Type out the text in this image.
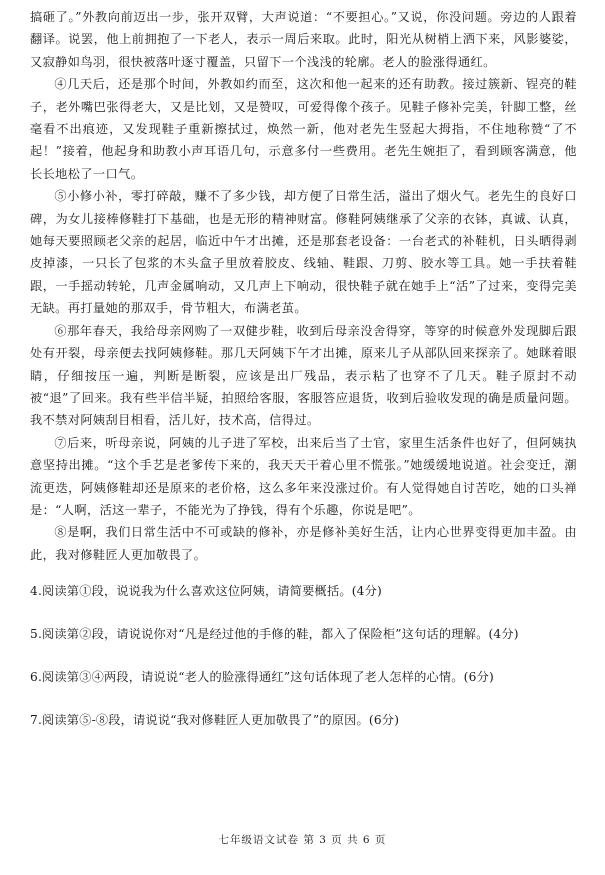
搞砸了。”外教向前迈出一步，张开双臂，大声说道：“不要担心。”又说，你没问题。旁边的人跟着翻译。说罢，他上前拥抱了一下老人，表示一周后来取。此时，阳光从树梢上洒下来，风影婆娑，又寂静如鸟羽，很快被落叶逐寸覆盖，只留下一个浅浅的轮廓。老人的脸涨得通红。

④几天后，还是那个时间，外教如约而至，这次和他一起来的还有助教。接过簇新、锃亮的鞋子，老外嘴巴张得老大，又是比划，又是赞叹，可爱得像个孩子。见鞋子修补完美，针脚工整，丝毫看不出痕迹，又发现鞋子重新擦拭过，焕然一新，他对老先生竖起大拇指，不住地称赞“了不起！”接着，他起身和助教小声耳语几句，示意多付一些费用。老先生婉拒了，看到顾客满意，他长长地松了一口气。

⑤小修小补，零打碎敲，赚不了多少钱，却方便了日常生活，溢出了烟火气。老先生的良好口碑，为女儿接棒修鞋打下基础，也是无形的精神财富。修鞋阿姨继承了父亲的衣钵，真诚、认真，她每天要照顾老父亲的起居，临近中午才出摊，还是那套老设备：一台老式的补鞋机，日头晒得剥皮掉漆，一只长了包浆的木头盒子里放着胶皮、线轴、鞋跟、刀剪、胶水等工具。她一手扶着鞋跟，一手摇动转轮，几声金属响动，又几声上下响动，很快鞋子就在她手上“活”了过来，变得完美无缺。再打量她的那双手，骨节粗大，布满老茧。

⑥那年春天，我给母亲网购了一双健步鞋，收到后母亲没舍得穿，等穿的时候意外发现脚后跟处有开裂，母亲便去找阿姨修鞋。那几天阿姨下午才出摊，原来儿子从部队回来探亲了。她眯着眼睛，仔细按压一遍，判断是断裂，应该是出厂残品，表示粘了也穿不了几天。鞋子原封不动被“退”了回来。我有些半信半疑，拍照给客服，客服答应退货，收到后验收发现的确是质量问题。我不禁对阿姨刮目相看，活儿好，技术高，信得过。

⑦后来，听母亲说，阿姨的儿子进了军校，出来后当了士官，家里生活条件也好了，但阿姨执意坚持出摊。“这个手艺是老爹传下来的，我天天干着心里不慌张。”她缓缓地说道。社会变迁，潮流更迭，阿姨修鞋却还是原来的老价格，这么多年来没涨过价。有人觉得她自讨苦吃，她的口头禅是：“人啊，活这一辈子，不能光为了挣钱，得有个乐趣，你说是吧”。

⑧是啊，我们日常生活中不可或缺的修补，亦是修补美好生活，让内心世界变得更加丰盈。由此，我对修鞋匠人更加敬畏了。

4.阅读第①段，说说我为什么喜欢这位阿姨，请简要概括。(4分)

5.阅读第②段，请说说你对“凡是经过他的手修的鞋，都入了保险柜”这句话的理解。(4分)

6.阅读第③④两段，请说说“老人的脸涨得通红”这句话体现了老人怎样的心情。(6分)

7.阅读第⑤-⑧段，请说说“我对修鞋匠人更加敬畏了”的原因。(6分)

七年级语文试卷 第 3 页 共 6 页
